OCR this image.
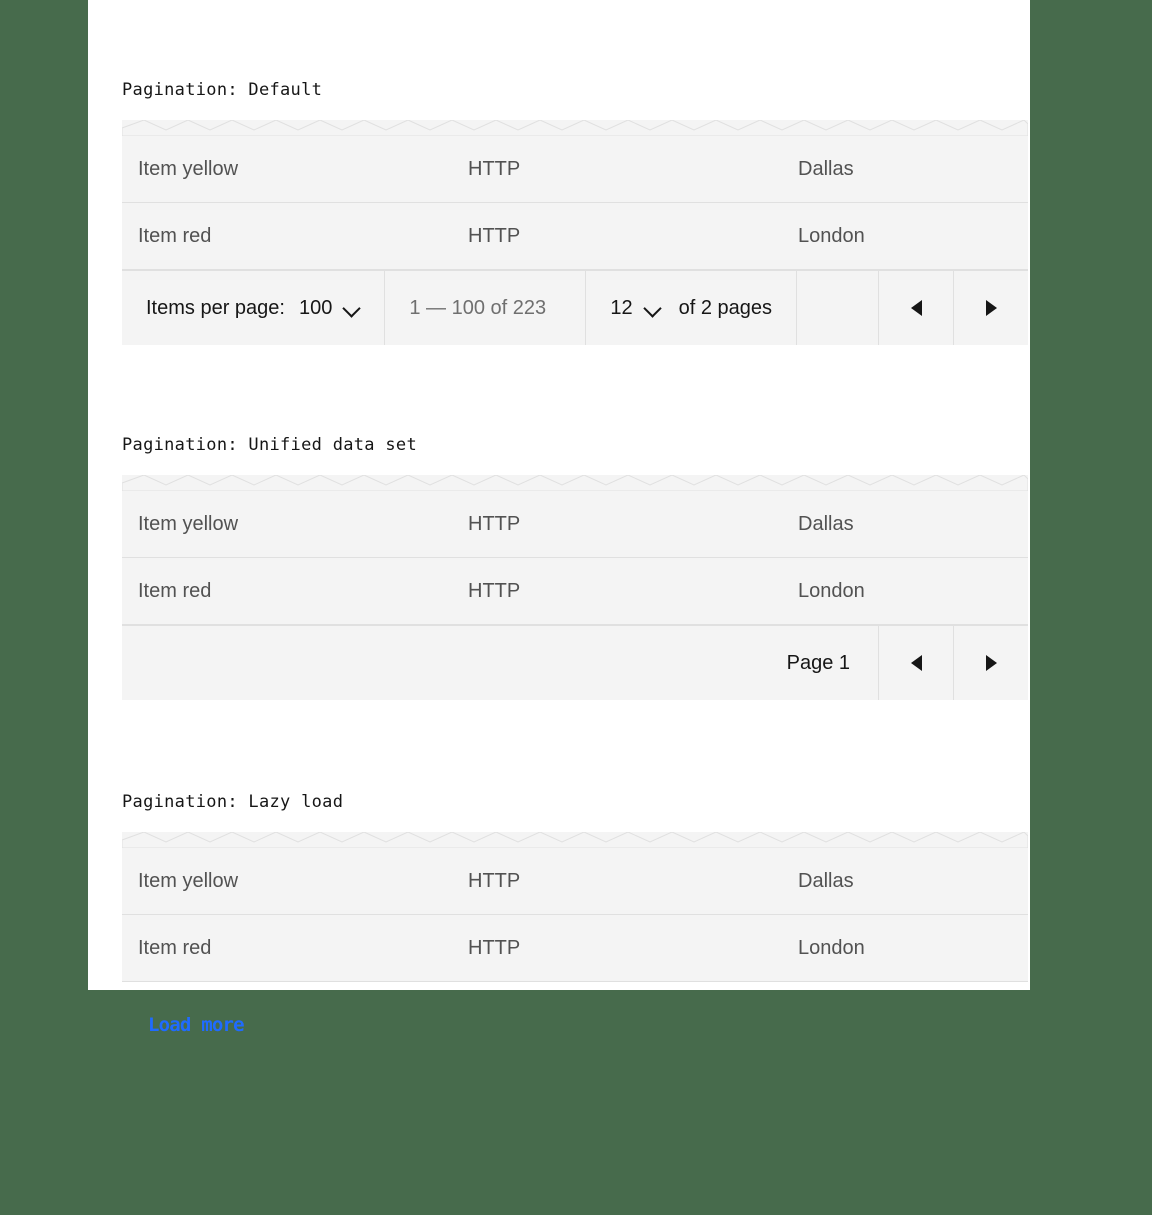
Pagination: Default
Item yellow	HTTP	Dallas
Item red	HTTP	London
Items per page: 100	1 — 100 of 223	12 of 2 pages
Pagination: Unified data set
Item yellow	HTTP	Dallas
Item red	HTTP	London
Page 1
Pagination: Lazy load
Item yellow	HTTP	Dallas
Item red	HTTP	London
Load more
